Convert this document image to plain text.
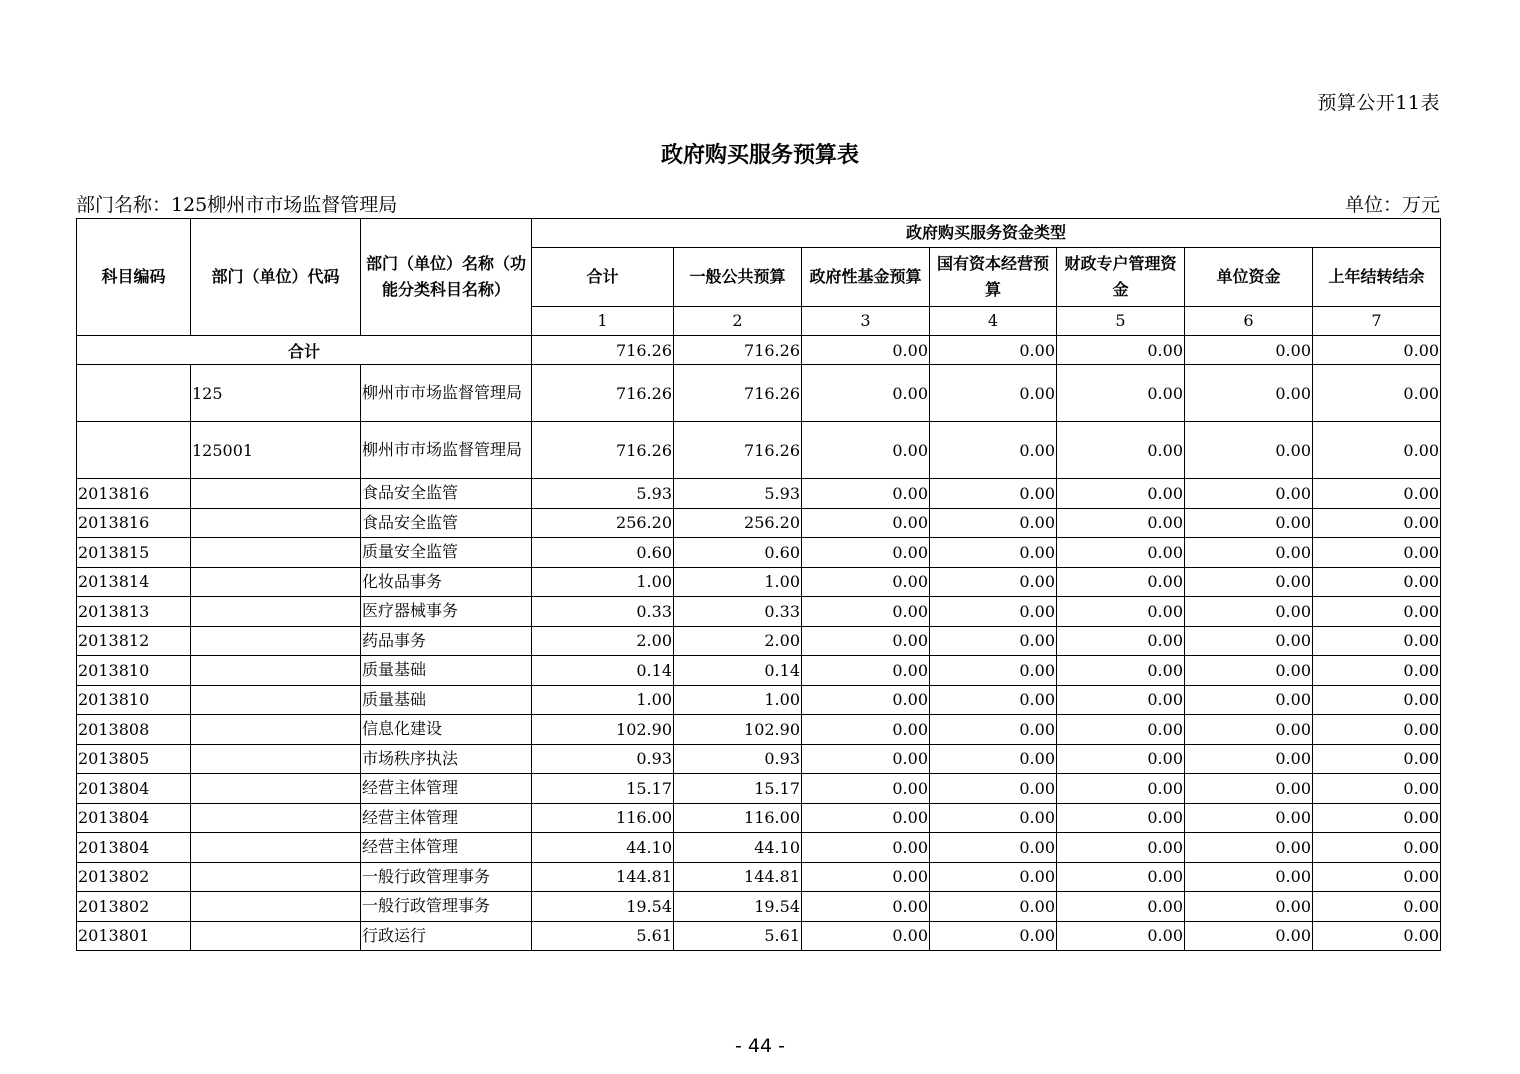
预算公开11表
政府购买服务预算表
部门名称：125柳州市市场监督管理局	单位：万元
科目编码	部门（单位）代码	部门（单位）名称（功能分类科目名称）	政府购买服务资金类型						
			合计	一般公共预算	政府性基金预算	国有资本经营预算	财政专户管理资金	单位资金	上年结转结余
			1	2	3	4	5	6	7
合计			716.26	716.26	0.00	0.00	0.00	0.00	0.00
	125	柳州市市场监督管理局	716.26	716.26	0.00	0.00	0.00	0.00	0.00
	125001	柳州市市场监督管理局	716.26	716.26	0.00	0.00	0.00	0.00	0.00
2013816		食品安全监管	5.93	5.93	0.00	0.00	0.00	0.00	0.00
2013816		食品安全监管	256.20	256.20	0.00	0.00	0.00	0.00	0.00
2013815		质量安全监管	0.60	0.60	0.00	0.00	0.00	0.00	0.00
2013814		化妆品事务	1.00	1.00	0.00	0.00	0.00	0.00	0.00
2013813		医疗器械事务	0.33	0.33	0.00	0.00	0.00	0.00	0.00
2013812		药品事务	2.00	2.00	0.00	0.00	0.00	0.00	0.00
2013810		质量基础	0.14	0.14	0.00	0.00	0.00	0.00	0.00
2013810		质量基础	1.00	1.00	0.00	0.00	0.00	0.00	0.00
2013808		信息化建设	102.90	102.90	0.00	0.00	0.00	0.00	0.00
2013805		市场秩序执法	0.93	0.93	0.00	0.00	0.00	0.00	0.00
2013804		经营主体管理	15.17	15.17	0.00	0.00	0.00	0.00	0.00
2013804		经营主体管理	116.00	116.00	0.00	0.00	0.00	0.00	0.00
2013804		经营主体管理	44.10	44.10	0.00	0.00	0.00	0.00	0.00
2013802		一般行政管理事务	144.81	144.81	0.00	0.00	0.00	0.00	0.00
2013802		一般行政管理事务	19.54	19.54	0.00	0.00	0.00	0.00	0.00
2013801		行政运行	5.61	5.61	0.00	0.00	0.00	0.00	0.00
- 44 -
